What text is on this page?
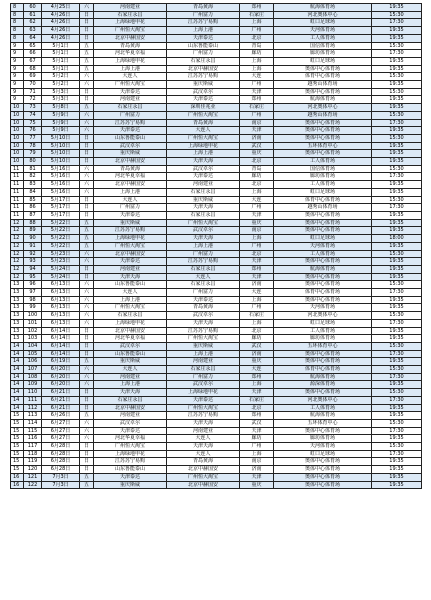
8	60	4月25日	六	河南建业	青岛黄海	郑州	航海体育场	19:35
8	61	4月26日	日	石家庄永昌	广州富力	石家庄	河北奥体中心	15:30
8	62	4月26日	日	上海绿地申花	江苏苏宁易购	上海	虹口足球场	17:30
8	63	4月26日	日	广州恒大淘宝	上海上港	广州	天河体育场	19:35
8	64	4月26日	日	北京中赫国安	天津泰达	北京	工人体育场	19:35
9	65	5月1日	五	青岛黄海	山东鲁能泰山	青岛	国信体育场	15:30
9	66	5月1日	五	河北华夏幸福	广州富力	廊坊	廊坊体育场	17:30
9	67	5月1日	五	上海绿地申花	石家庄永昌	上海	虹口足球场	19:35
9	68	5月1日	五	上海上港	北京中赫国安	上海	奥体中心体育场	19:35
9	69	5月2日	六	大连人	江苏苏宁易购	大连	体育中心体育场	15:30
9	70	5月2日	六	广州恒大淘宝	重庆斯威	广州	越秀山体育场	19:35
9	71	5月3日	日	天津泰达	武汉卓尔	天津	奥体中心体育场	15:30
9	72	5月3日	日	河南建业	天津泰达	郑州	航海体育场	19:35
10	73	5月8日	五	石家庄永昌	深圳佳兆业	石家庄	河北奥体中心	19:35
10	74	5月9日	六	广州富力	广州恒大淘宝	广州	越秀山体育场	15:30
10	75	5月9日	六	江苏苏宁易购	青岛黄海	南京	奥体中心体育场	17:30
10	76	5月9日	六	天津泰达	大连人	天津	奥体中心体育场	19:35
10	77	5月10日	日	山东鲁能泰山	广州恒大淘宝	济南	奥体中心体育场	15:30
10	78	5月10日	日	武汉卓尔	上海绿地申花	武汉	五环体育中心	19:35
10	79	5月10日	日	重庆斯威	上海上港	重庆	奥体中心体育场	19:35
10	80	5月10日	日	北京中赫国安	天津天海	北京	工人体育场	19:35
11	81	5月16日	六	青岛黄海	武汉卓尔	青岛	国信体育场	15:30
11	82	5月16日	六	河北华夏幸福	天津泰达	廊坊	廊坊体育场	17:30
11	83	5月16日	六	北京中赫国安	河南建业	北京	工人体育场	19:35
11	84	5月16日	六	上海上港	石家庄永昌	上海	虹口足球场	19:35
11	85	5月17日	日	大连人	重庆斯威	大连	体育中心体育场	15:30
11	86	5月17日	日	广州富力	天津天海	广州	越秀山体育场	17:30
11	87	5月17日	日	天津泰达	石家庄永昌	天津	奥体中心体育场	19:35
12	88	5月22日	五	重庆斯威	广州恒大淘宝	重庆	奥体中心体育场	19:35
12	89	5月22日	五	江苏苏宁易购	武汉卓尔	南京	奥体中心体育场	19:35
12	90	5月22日	五	上海绿地申花	天津天海	上海	虹口足球场	18:00
12	91	5月22日	五	广州恒大淘宝	上海上港	广州	天河体育场	19:35
12	92	5月23日	六	北京中赫国安	广州富力	北京	工人体育场	15:30
12	93	5月23日	六	天津泰达	江苏苏宁易购	天津	奥体中心体育场	19:35
12	94	5月24日	日	河南建业	石家庄永昌	郑州	航海体育场	19:35
12	95	5月24日	日	天津天海	大连人	天津	奥体中心体育场	19:35
13	96	6月13日	六	山东鲁能泰山	石家庄永昌	济南	奥体中心体育场	15:30
13	97	6月13日	六	大连人	广州富力	大连	体育中心体育场	17:30
13	98	6月13日	六	上海上港	天津泰达	上海	奥体中心体育场	19:35
13	99	6月13日	六	广州恒大淘宝	青岛黄海	广州	天河体育场	19:35
13	100	6月13日	六	石家庄永昌	武汉卓尔	石家庄	河北奥体中心	15:30
13	101	6月13日	六	上海绿地申花	天津天海	上海	虹口足球场	17:30
13	102	6月14日	日	北京中赫国安	江苏苏宁易购	北京	工人体育场	19:35
13	103	6月14日	日	河北华夏幸福	广州恒大淘宝	廊坊	廊坊体育场	19:35
14	104	6月14日	日	武汉卓尔	重庆斯威	武汉	五环体育中心	15:30
14	105	6月14日	日	山东鲁能泰山	上海上港	济南	奥体中心体育场	17:30
14	106	6月19日	五	重庆斯威	河南建业	重庆	奥体中心体育场	19:35
14	107	6月20日	六	大连人	石家庄永昌	大连	体育中心体育场	15:30
14	108	6月20日	六	河南建业	广州富力	郑州	航海体育场	17:30
14	109	6月20日	六	上海上港	武汉卓尔	上海	源深体育场	19:35
14	110	6月21日	日	天津天海	上海绿地申花	天津	奥体中心体育场	15:30
14	111	6月21日	日	石家庄永昌	天津泰达	石家庄	河北奥体中心	17:30
14	112	6月21日	日	北京中赫国安	广州恒大淘宝	北京	工人体育场	19:35
15	113	6月26日	五	河南建业	江苏苏宁易购	郑州	航海体育场	19:35
15	114	6月27日	六	武汉卓尔	天津天海	武汉	五环体育中心	15:30
15	115	6月27日	六	天津泰达	河南建业	天津	奥体中心体育场	17:30
15	116	6月27日	六	河北华夏幸福	大连人	廊坊	廊坊体育场	19:35
15	117	6月28日	日	广州恒大淘宝	天津天海	广州	天河体育场	15:30
15	118	6月28日	日	上海绿地申花	大连人	上海	虹口足球场	17:30
15	119	6月28日	日	江苏苏宁易购	青岛黄海	南京	奥体中心体育场	19:35
15	120	6月28日	日	山东鲁能泰山	北京中赫国安	济南	奥体中心体育场	19:35
16	121	7月3日	五	天津泰达	广州恒大淘宝	天津	奥体中心体育场	19:35
16	122	7月3日	五	重庆斯威	北京中赫国安	重庆	奥体中心体育场	19:35
